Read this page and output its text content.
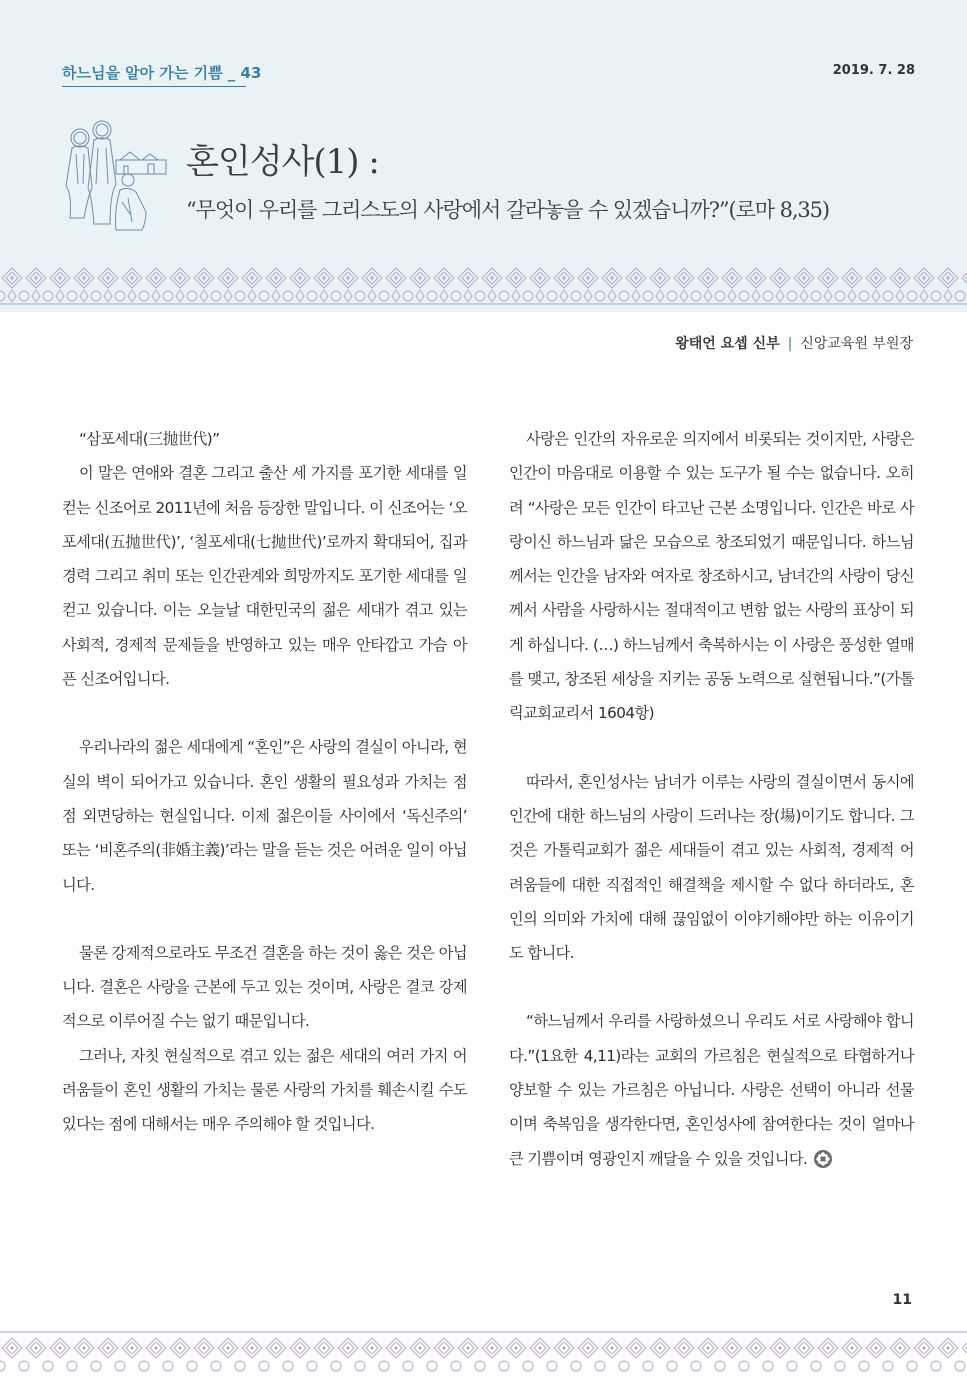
하느님을 알아 가는 기쁨 _ 43	2019. 7. 28
혼인성사(1) :
“무엇이 우리를 그리스도의 사랑에서 갈라놓을 수 있겠습니까?”(로마 8,35)
왕태언 요셉 신부 | 신앙교육원 부원장

“삼포세대(三抛世代)”

이 말은 연애와 결혼 그리고 출산 세 가지를 포기한 세대를 일컫는 신조어로 2011년에 처음 등장한 말입니다. 이 신조어는 ‘오포세대(五抛世代)’, ‘칠포세대(七抛世代)’로까지 확대되어, 집과 경력 그리고 취미 또는 인간관계와 희망까지도 포기한 세대를 일컫고 있습니다. 이는 오늘날 대한민국의 젊은 세대가 겪고 있는 사회적, 경제적 문제들을 반영하고 있는 매우 안타깝고 가슴 아픈 신조어입니다.

우리나라의 젊은 세대에게 “혼인”은 사랑의 결실이 아니라, 현실의 벽이 되어가고 있습니다. 혼인 생활의 필요성과 가치는 점점 외면당하는 현실입니다. 이제 젊은이들 사이에서 ‘독신주의’ 또는 ‘비혼주의(非婚主義)’라는 말을 듣는 것은 어려운 일이 아닙니다.

물론 강제적으로라도 무조건 결혼을 하는 것이 옳은 것은 아닙니다. 결혼은 사랑을 근본에 두고 있는 것이며, 사랑은 결코 강제적으로 이루어질 수는 없기 때문입니다.

그러나, 자칫 현실적으로 겪고 있는 젊은 세대의 여러 가지 어려움들이 혼인 생활의 가치는 물론 사랑의 가치를 훼손시킬 수도 있다는 점에 대해서는 매우 주의해야 할 것입니다.

사랑은 인간의 자유로운 의지에서 비롯되는 것이지만, 사랑은 인간이 마음대로 이용할 수 있는 도구가 될 수는 없습니다. 오히려 “사랑은 모든 인간이 타고난 근본 소명입니다. 인간은 바로 사랑이신 하느님과 닮은 모습으로 창조되었기 때문입니다. 하느님께서는 인간을 남자와 여자로 창조하시고, 남녀간의 사랑이 당신께서 사람을 사랑하시는 절대적이고 변함 없는 사랑의 표상이 되게 하십니다. (…) 하느님께서 축복하시는 이 사랑은 풍성한 열매를 맺고, 창조된 세상을 지키는 공동 노력으로 실현됩니다.”(가톨릭교회교리서 1604항)

따라서, 혼인성사는 남녀가 이루는 사랑의 결실이면서 동시에 인간에 대한 하느님의 사랑이 드러나는 장(場)이기도 합니다. 그것은 가톨릭교회가 젊은 세대들이 겪고 있는 사회적, 경제적 어려움들에 대한 직접적인 해결책을 제시할 수 없다 하더라도, 혼인의 의미와 가치에 대해 끊임없이 이야기해야만 하는 이유이기도 합니다.

“하느님께서 우리를 사랑하셨으니 우리도 서로 사랑해야 합니다.”(1요한 4,11)라는 교회의 가르침은 현실적으로 타협하거나 양보할 수 있는 가르침은 아닙니다. 사랑은 선택이 아니라 선물이며 축복임을 생각한다면, 혼인성사에 참여한다는 것이 얼마나 큰 기쁨이며 영광인지 깨달을 수 있을 것입니다.

11
